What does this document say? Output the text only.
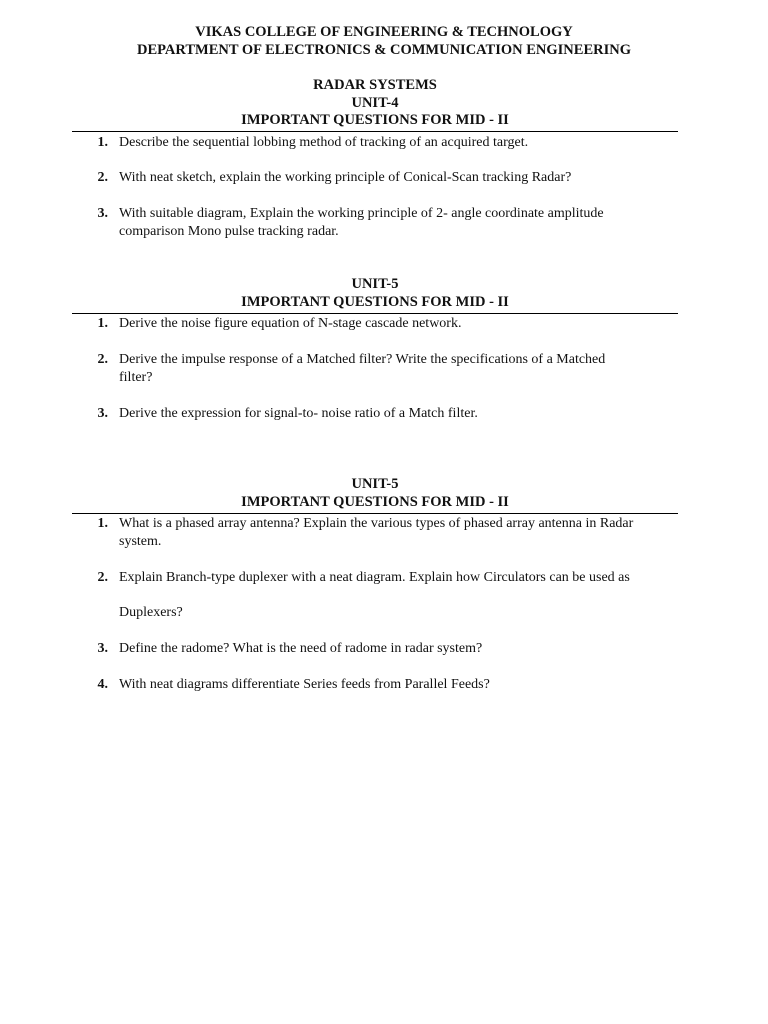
VIKAS COLLEGE OF ENGINEERING & TECHNOLOGY
DEPARTMENT OF ELECTRONICS & COMMUNICATION ENGINEERING
RADAR SYSTEMS
UNIT-4
IMPORTANT QUESTIONS FOR MID - II
1. Describe the sequential lobbing method of tracking of an acquired target.
2. With neat sketch, explain the working principle of Conical-Scan tracking Radar?
3. With suitable diagram, Explain the working principle of 2- angle coordinate amplitude
comparison Mono pulse tracking radar.
UNIT-5
IMPORTANT QUESTIONS FOR MID - II
1. Derive the noise figure equation of N-stage cascade network.
2. Derive the impulse response of a Matched filter? Write the specifications of a Matched
filter?
3. Derive the expression for signal-to- noise ratio of a Match filter.
UNIT-5
IMPORTANT QUESTIONS FOR MID - II
1. What is a phased array antenna? Explain the various types of phased array antenna in Radar
system.
2. Explain Branch-type duplexer with a neat diagram. Explain how Circulators can be used as
Duplexers?
3. Define the radome? What is the need of radome in radar system?
4. With neat diagrams differentiate Series feeds from Parallel Feeds?
